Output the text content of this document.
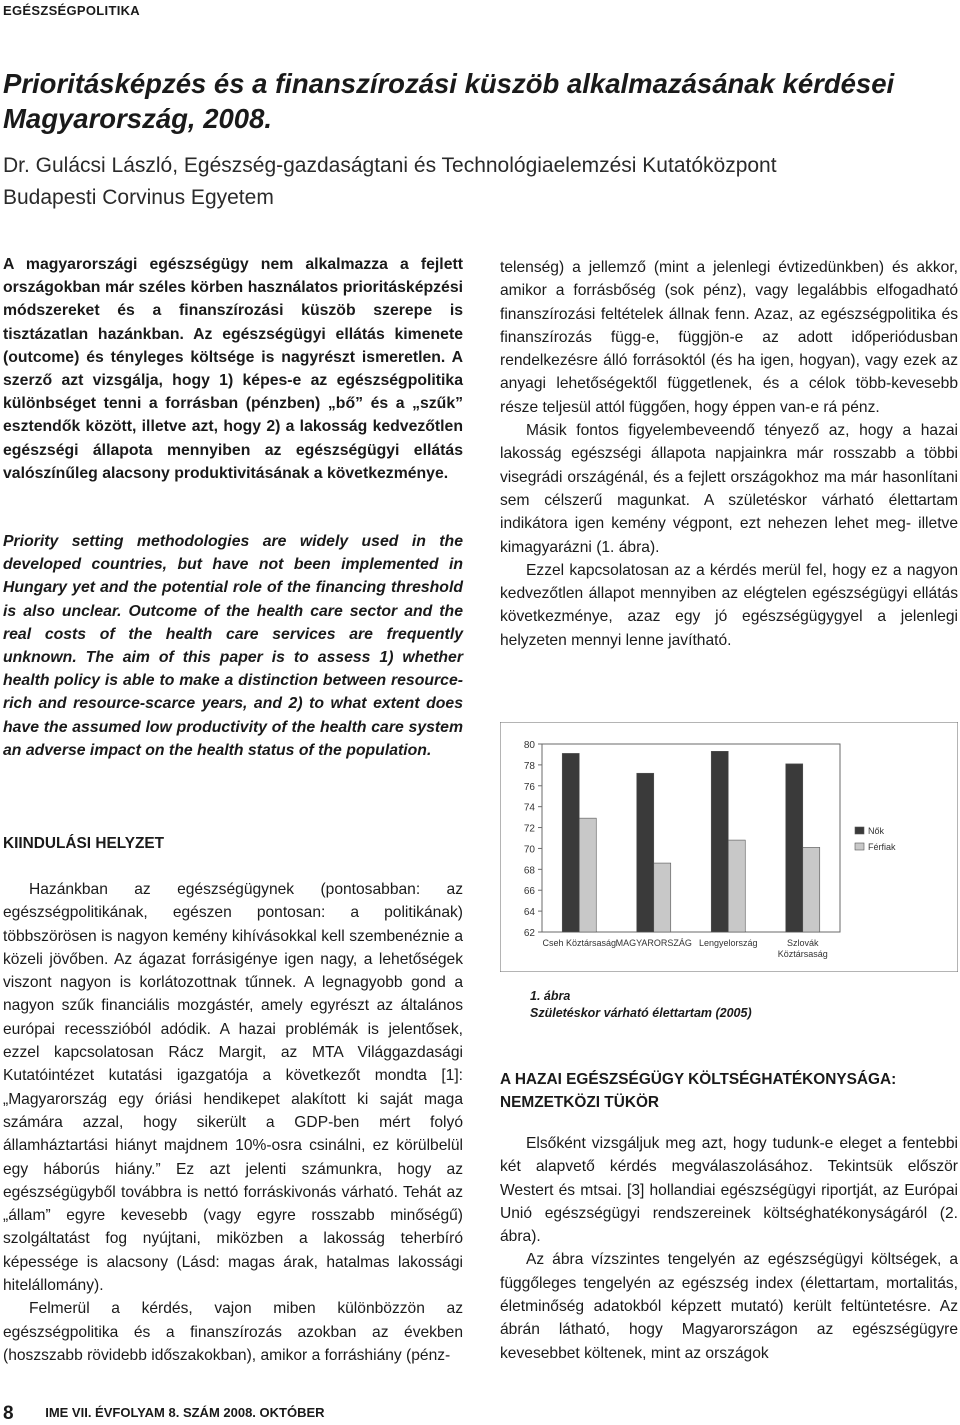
EGÉSZSÉGPOLITIKA
Prioritásképzés és a finanszírozási küszöb alkalmazásának kérdései Magyarország, 2008.
Dr. Gulácsi László, Egészség-gazdaságtani és Technológiaelemzési Kutatóközpont
Budapesti Corvinus Egyetem

A magyarországi egészségügy nem alkalmazza a fejlett országokban már széles körben használatos prioritásképzési módszereket és a finanszírozási küszöb szerepe is tisztázatlan hazánkban. Az egészségügyi ellátás kimenete (outcome) és tényleges költsége is nagyrészt ismeretlen. A szerző azt vizsgálja, hogy 1) képes-e az egészségpolitika különbséget tenni a forrásban (pénzben) „bő” és a „szűk” esztendők között, illetve azt, hogy 2) a lakosság kedvezőtlen egészségi állapota mennyiben az egészségügyi ellátás valószínűleg alacsony produktivitásának a következménye.

Priority setting methodologies are widely used in the developed countries, but have not been implemented in Hungary yet and the potential role of the financing threshold is also unclear. Outcome of the health care sector and the real costs of the health care services are frequently unknown. The aim of this paper is to assess 1) whether health policy is able to make a distinction between resource-rich and resource-scarce years, and 2) to what extent does have the assumed low productivity of the health care system an adverse impact on the health status of the population.

KIINDULÁSI HELYZET

Hazánkban az egészségügynek (pontosabban: az egészségpolitikának, egészen pontosan: a politikának) többszörösen is nagyon kemény kihívásokkal kell szembenéznie a közeli jövőben. Az ágazat forrásigénye igen nagy, a lehetőségek viszont nagyon is korlátozottnak tűnnek. A legnagyobb gond a nagyon szűk financiális mozgástér, amely egyrészt az általános európai recesszióból adódik. A hazai problémák is jelentősek, ezzel kapcsolatosan Rácz Margit, az MTA Világgazdasági Kutatóintézet kutatási igazgatója a következőt mondta [1]: „Magyarország egy óriási hendikepet alakított ki saját maga számára azzal, hogy sikerült a GDP-ben mért folyó államháztartási hiányt majdnem 10%-osra csinálni, ez körülbelül egy háborús hiány.” Ez azt jelenti számunkra, hogy az egészségügyből továbbra is nettó forráskivonás várható. Tehát az „állam” egyre kevesebb (vagy egyre rosszabb minőségű) szolgáltatást fog nyújtani, miközben a lakosság teherbíró képessége is alacsony (Lásd: magas árak, hatalmas lakossági hitelállomány).

Felmerül a kérdés, vajon miben különbözzön az egészségpolitika és a finanszírozás azokban az években (hoszszabb rövidebb időszakokban), amikor a forráshiány (pénz-

telenség) a jellemző (mint a jelenlegi évtizedünkben) és akkor, amikor a forrásbőség (sok pénz), vagy legalábbis elfogadható finanszírozási feltételek állnak fenn. Azaz, az egészségpolitika és finanszírozás függ-e, függjön-e az adott időperiódusban rendelkezésre álló forrásoktól (és ha igen, hogyan), vagy ezek az anyagi lehetőségektől függetlenek, és a célok több-kevesebb része teljesül attól függően, hogy éppen van-e rá pénz.

Másik fontos figyelembeveendő tényező az, hogy a hazai lakosság egészségi állapota napjainkra már rosszabb a többi visegrádi országénál, és a fejlett országokhoz ma már hasonlítani sem célszerű magunkat. A születéskor várható élettartam indikátora igen kemény végpont, ezt nehezen lehet meg- illetve kimagyarázni (1. ábra).

Ezzel kapcsolatosan az a kérdés merül fel, hogy ez a nagyon kedvezőtlen állapot mennyiben az elégtelen egészségügyi ellátás következménye, azaz egy jó egészségügygyel a jelenlegi helyzeten mennyi lenne javítható.

62
64
66
68
70
72
74
76
78
80
Cseh Köztársaság MAGYARORSZÁG Lengyelország	Szlovák
Köztársaság
Nők
Férfiak
1. ábra
Születéskor várható élettartam (2005)
A HAZAI EGÉSZSÉGÜGY KÖLTSÉGHATÉKONYSÁGA:
NEMZETKÖZI TÜKÖR

Elsőként vizsgáljuk meg azt, hogy tudunk-e eleget a fentebbi két alapvető kérdés megválaszolásához. Tekintsük először Westert és mtsai. [3] hollandiai egészségügyi riportját, az Európai Unió egészségügyi rendszereinek költséghatékonyságáról (2. ábra).

Az ábra vízszintes tengelyén az egészségügyi költségek, a függőleges tengelyén az egészség index (élettartam, mortalitás, életminőség adatokból képzett mutató) került feltüntetésre. Az ábrán látható, hogy Magyarországon az egészségügyre kevesebbet költenek, mint az országok

8 IME VII. ÉVFOLYAM 8. SZÁM 2008. OKTÓBER
